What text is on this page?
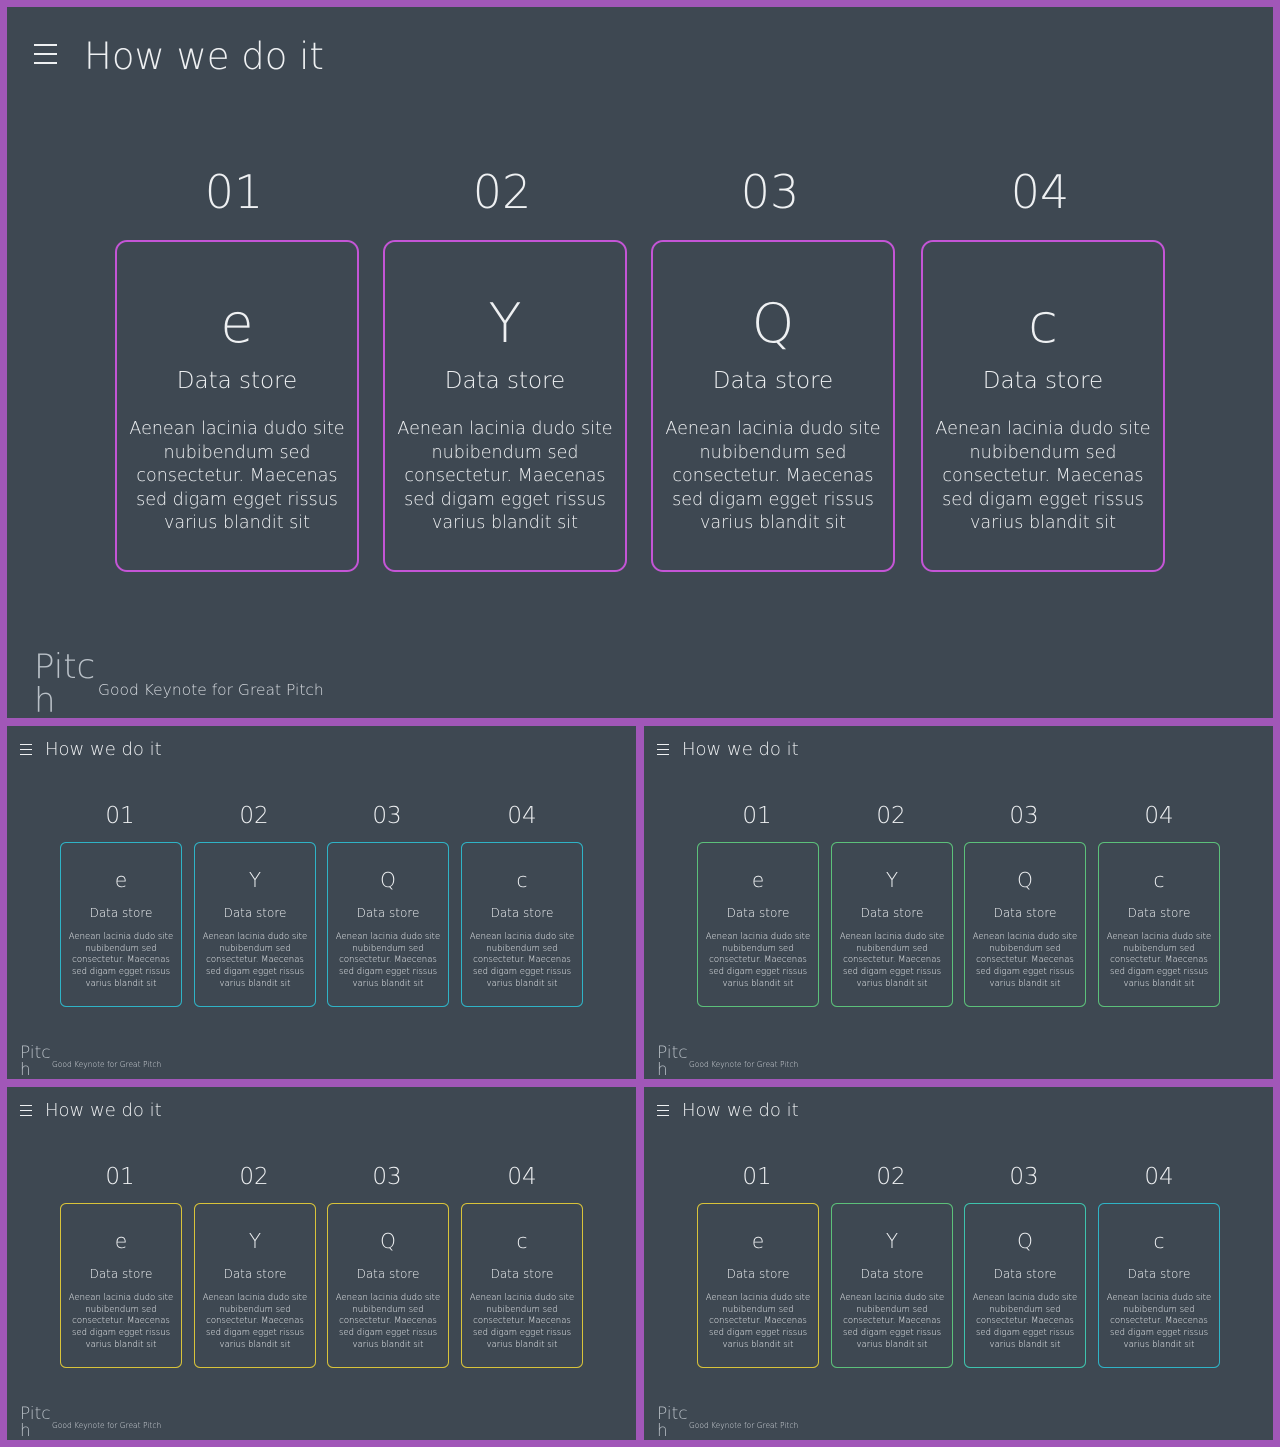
How we do it
01
e
Data store
Aenean lacinia dudo site nubibendum sed consectetur. Maecenas sed digam egget rissus varius blandit sit
02
Y
Data store
Aenean lacinia dudo site nubibendum sed consectetur. Maecenas sed digam egget rissus varius blandit sit
03
Q
Data store
Aenean lacinia dudo site nubibendum sed consectetur. Maecenas sed digam egget rissus varius blandit sit
04
c
Data store
Aenean lacinia dudo site nubibendum sed consectetur. Maecenas sed digam egget rissus varius blandit sit
Pitc
h	Good Keynote for Great Pitch
How we do it
01
e
Data store
Aenean lacinia dudo site nubibendum sed consectetur. Maecenas sed digam egget rissus varius blandit sit
02
Y
Data store
Aenean lacinia dudo site nubibendum sed consectetur. Maecenas sed digam egget rissus varius blandit sit
03
Q
Data store
Aenean lacinia dudo site nubibendum sed consectetur. Maecenas sed digam egget rissus varius blandit sit
04
c
Data store
Aenean lacinia dudo site nubibendum sed consectetur. Maecenas sed digam egget rissus varius blandit sit
Pitc
h	Good Keynote for Great Pitch
How we do it
01
e
Data store
Aenean lacinia dudo site nubibendum sed consectetur. Maecenas sed digam egget rissus varius blandit sit
02
Y
Data store
Aenean lacinia dudo site nubibendum sed consectetur. Maecenas sed digam egget rissus varius blandit sit
03
Q
Data store
Aenean lacinia dudo site nubibendum sed consectetur. Maecenas sed digam egget rissus varius blandit sit
04
c
Data store
Aenean lacinia dudo site nubibendum sed consectetur. Maecenas sed digam egget rissus varius blandit sit
Pitc
h	Good Keynote for Great Pitch
How we do it
01
e
Data store
Aenean lacinia dudo site nubibendum sed consectetur. Maecenas sed digam egget rissus varius blandit sit
02
Y
Data store
Aenean lacinia dudo site nubibendum sed consectetur. Maecenas sed digam egget rissus varius blandit sit
03
Q
Data store
Aenean lacinia dudo site nubibendum sed consectetur. Maecenas sed digam egget rissus varius blandit sit
04
c
Data store
Aenean lacinia dudo site nubibendum sed consectetur. Maecenas sed digam egget rissus varius blandit sit
Pitc
h	Good Keynote for Great Pitch
How we do it
01
e
Data store
Aenean lacinia dudo site nubibendum sed consectetur. Maecenas sed digam egget rissus varius blandit sit
02
Y
Data store
Aenean lacinia dudo site nubibendum sed consectetur. Maecenas sed digam egget rissus varius blandit sit
03
Q
Data store
Aenean lacinia dudo site nubibendum sed consectetur. Maecenas sed digam egget rissus varius blandit sit
04
c
Data store
Aenean lacinia dudo site nubibendum sed consectetur. Maecenas sed digam egget rissus varius blandit sit
Pitc
h	Good Keynote for Great Pitch
